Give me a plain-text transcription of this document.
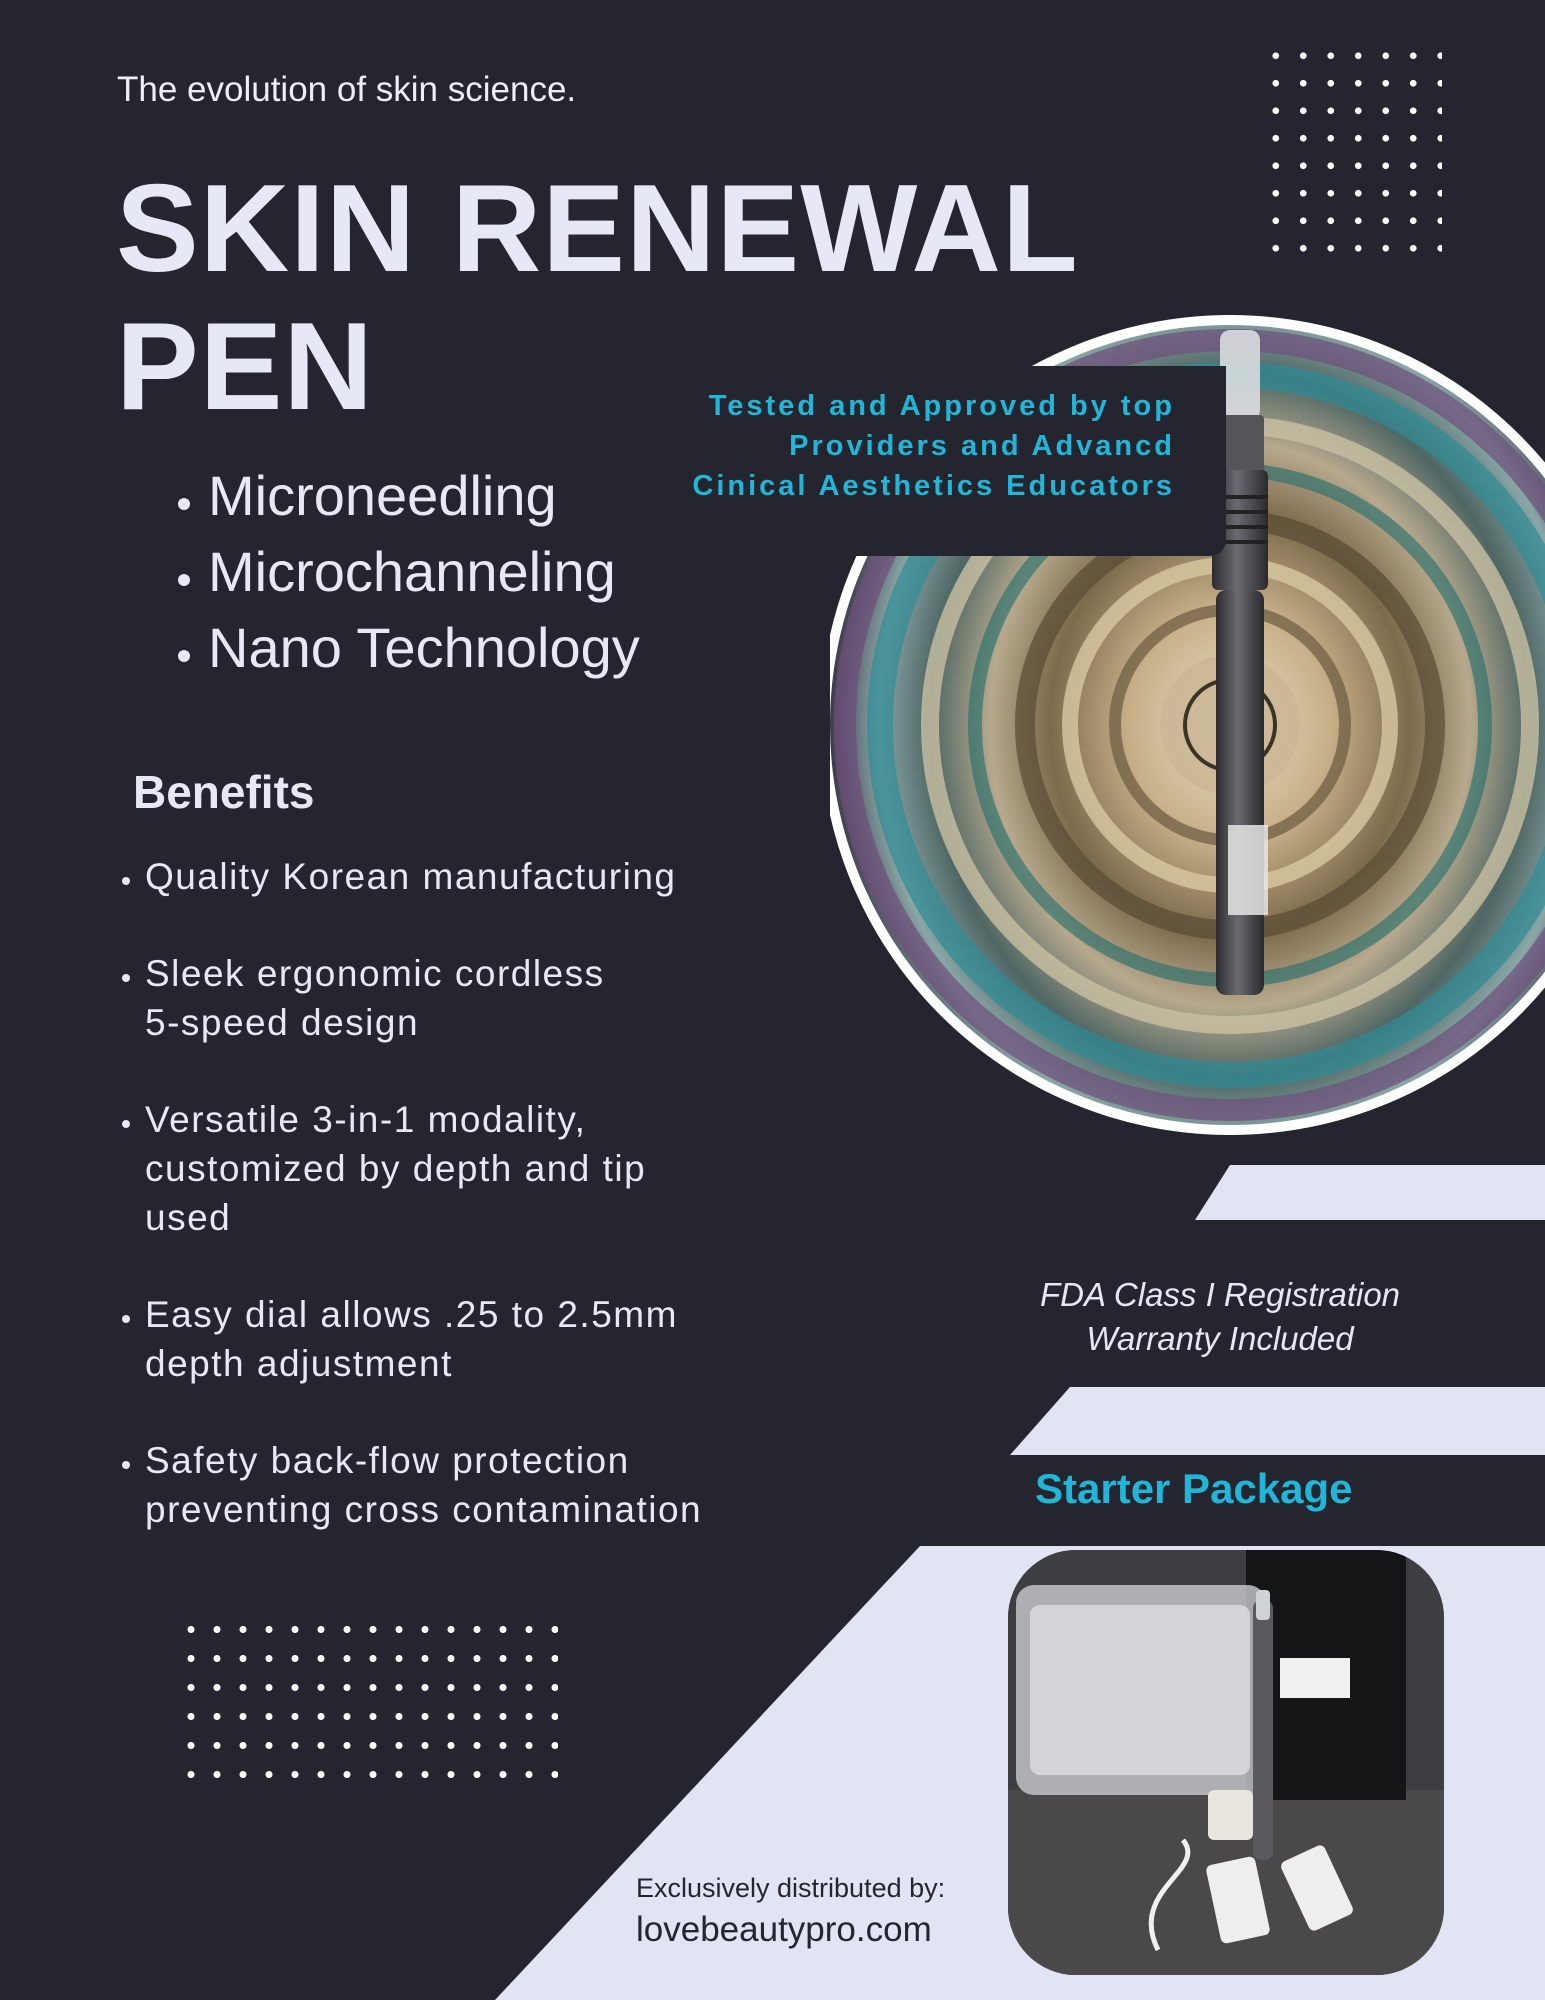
Tested and Approved by top
Providers and Advancd
Cinical Aesthetics Educators
The evolution of skin science.
SKIN RENEWAL
PEN
• Microneedling
• Microchanneling
• Nano Technology
Benefits
• Quality Korean manufacturing
• Sleek ergonomic cordless
5-speed design
• Versatile 3-in-1 modality,
customized by depth and tip
used
• Easy dial allows .25 to 2.5mm
depth adjustment
• Safety back-flow protection
preventing cross contamination
FDA Class I Registration
Warranty Included
Starter Package
Exclusively distributed by:
lovebeautypro.com
